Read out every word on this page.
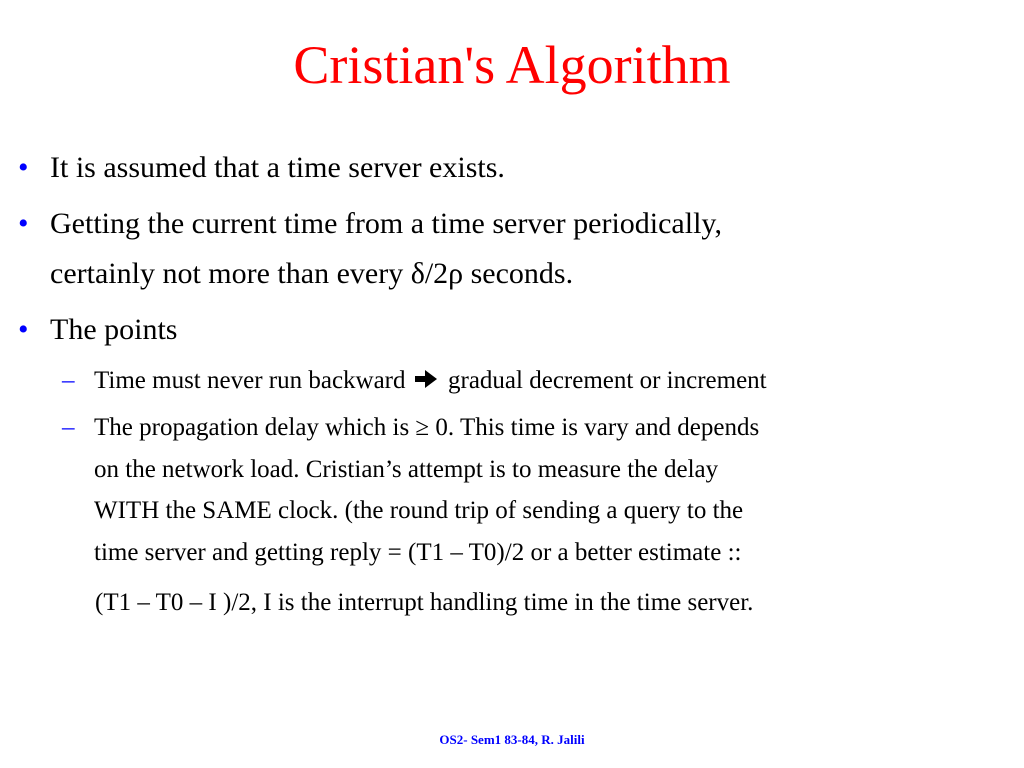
Cristian's Algorithm
• It is assumed that a time server exists.
• Getting the current time from a time server periodically,
certainly not more than every δ/2ρ seconds.
• The points
– Time must never run backward gradual decrement or increment
– The propagation delay which is ≥ 0. This time is vary and depends
on the network load. Cristian’s attempt is to measure the delay
WITH the SAME clock. (the round trip of sending a query to the
time server and getting reply = (T1 – T0)/2 or a better estimate ::
(T1 – T0 – I )/2, I is the interrupt handling time in the time server.
OS2- Sem1 83-84, R. Jalili
